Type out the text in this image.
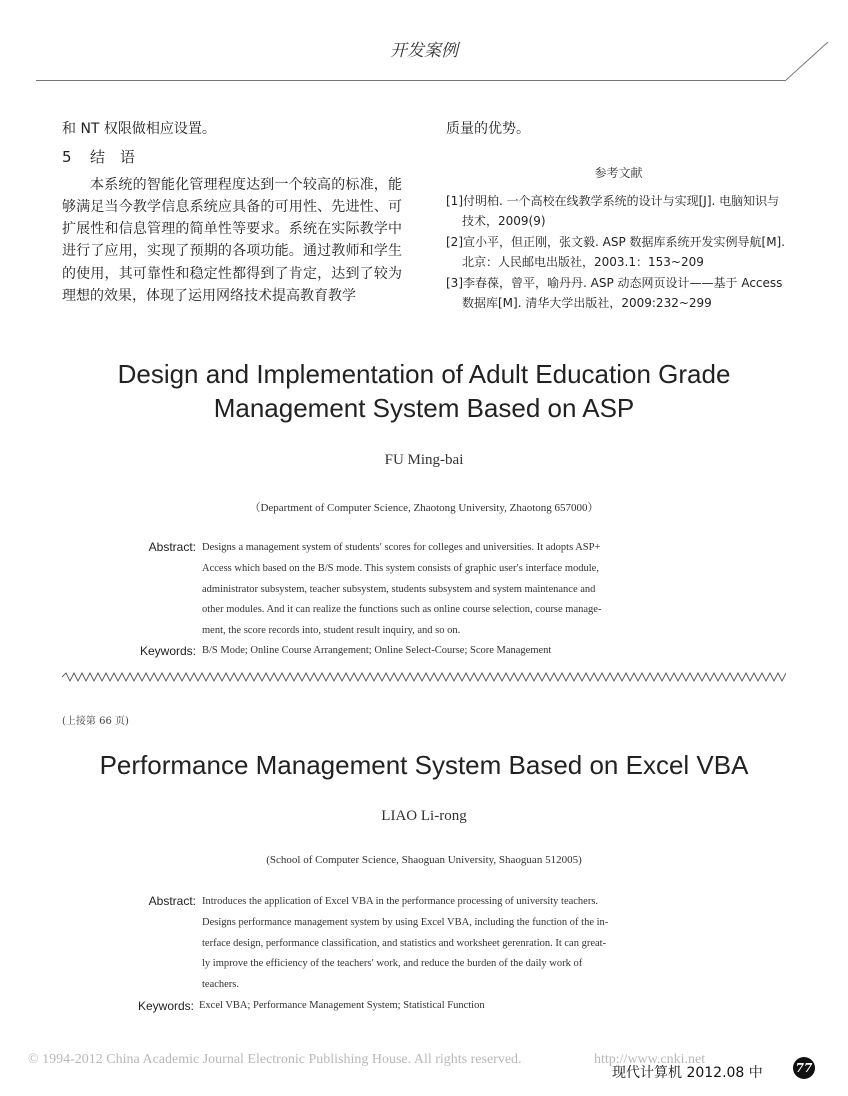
开发案例
和 NT 权限做相应设置。
5 结 语
本系统的智能化管理程度达到一个较高的标准，能够满足当今教学信息系统应具备的可用性、先进性、可扩展性和信息管理的简单性等要求。系统在实际教学中进行了应用，实现了预期的各项功能。通过教师和学生的使用，其可靠性和稳定性都得到了肯定，达到了较为理想的效果，体现了运用网络技术提高教育教学
质量的优势。
参考文献
[1]付明柏. 一个高校在线教学系统的设计与实现[J]. 电脑知识与技术，2009(9)
[2]宣小平，但正刚，张文毅. ASP 数据库系统开发实例导航[M]. 北京：人民邮电出版社，2003.1：153~209
[3]李春葆，曾平，喻丹丹. ASP 动态网页设计——基于 Access 数据库[M]. 清华大学出版社，2009:232~299
Design and Implementation of Adult Education Grade
Management System Based on ASP
FU Ming-bai
（Department of Computer Science, Zhaotong University, Zhaotong 657000）
Abstract: Designs a management system of students′ scores for colleges and universities. It adopts ASP+
Access which based on the B/S mode. This system consists of graphic user′s interface module,
administrator subsystem, teacher subsystem, students subsystem and system maintenance and
other modules. And it can realize the functions such as online course selection, course manage-
ment, the score records into, student result inquiry, and so on.
Keywords: B/S Mode; Online Course Arrangement; Online Select-Course; Score Management
(上接第 66 页)
Performance Management System Based on Excel VBA
LIAO Li-rong
(School of Computer Science, Shaoguan University, Shaoguan 512005)
Abstract: Introduces the application of Excel VBA in the performance processing of university teachers.
Designs performance management system by using Excel VBA, including the function of the in-
terface design, performance classification, and statistics and worksheet gerenration. It can great-
ly improve the efficiency of the teachers′ work, and reduce the burden of the daily work of
teachers.
Keywords: Excel VBA; Performance Management System; Statistical Function
© 1994-2012 China Academic Journal Electronic Publishing House. All rights reserved.	http://www.cnki.net
现代计算机 2012.08 中	77
